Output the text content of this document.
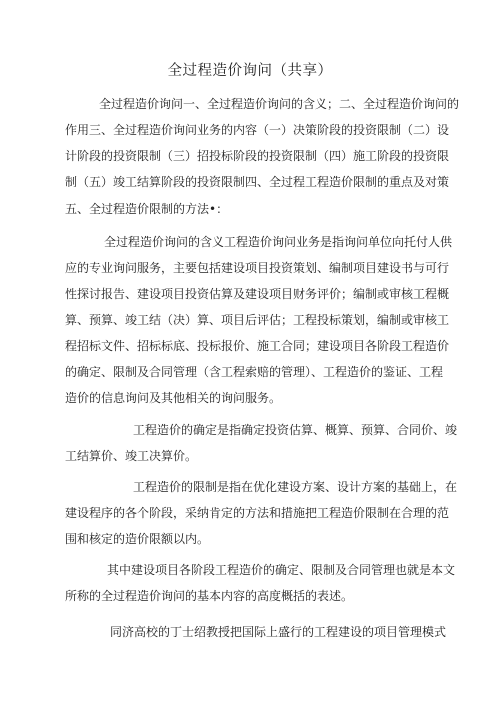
全过程造价询问（共享）
全过程造价询问一、全过程造价询问的含义；二、全过程造价询问的
作用三、全过程造价询问业务的内容（一）决策阶段的投资限制（二）设
计阶段的投资限制（三）招投标阶段的投资限制（四）施工阶段的投资限
制（五）竣工结算阶段的投资限制四、全过程工程造价限制的重点及对策
五、全过程造价限制的方法•：
全过程造价询问的含义工程造价询问业务是指询问单位向托付人供
应的专业询问服务，主要包括建设项目投资策划、编制项目建设书与可行
性探讨报告、建设项目投资估算及建设项目财务评价；编制或审核工程概
算、预算、竣工结（决）算、项目后评估；工程投标策划，编制或审核工
程招标文件、招标标底、投标报价、施工合同；建设项目各阶段工程造价
的确定、限制及合同管理（含工程索赔的管理）、工程造价的鉴证、工程
造价的信息询问及其他相关的询问服务。
工程造价的确定是指确定投资估算、概算、预算、合同价、竣
工结算价、竣工决算价。
工程造价的限制是指在优化建设方案、设计方案的基础上，在
建设程序的各个阶段，采纳肯定的方法和措施把工程造价限制在合理的范
围和核定的造价限额以内。
其中建设项目各阶段工程造价的确定、限制及合同管理也就是本文
所称的全过程造价询问的基本内容的高度概括的表述。
同济高校的丁士绍教授把国际上盛行的工程建设的项目管理模式
